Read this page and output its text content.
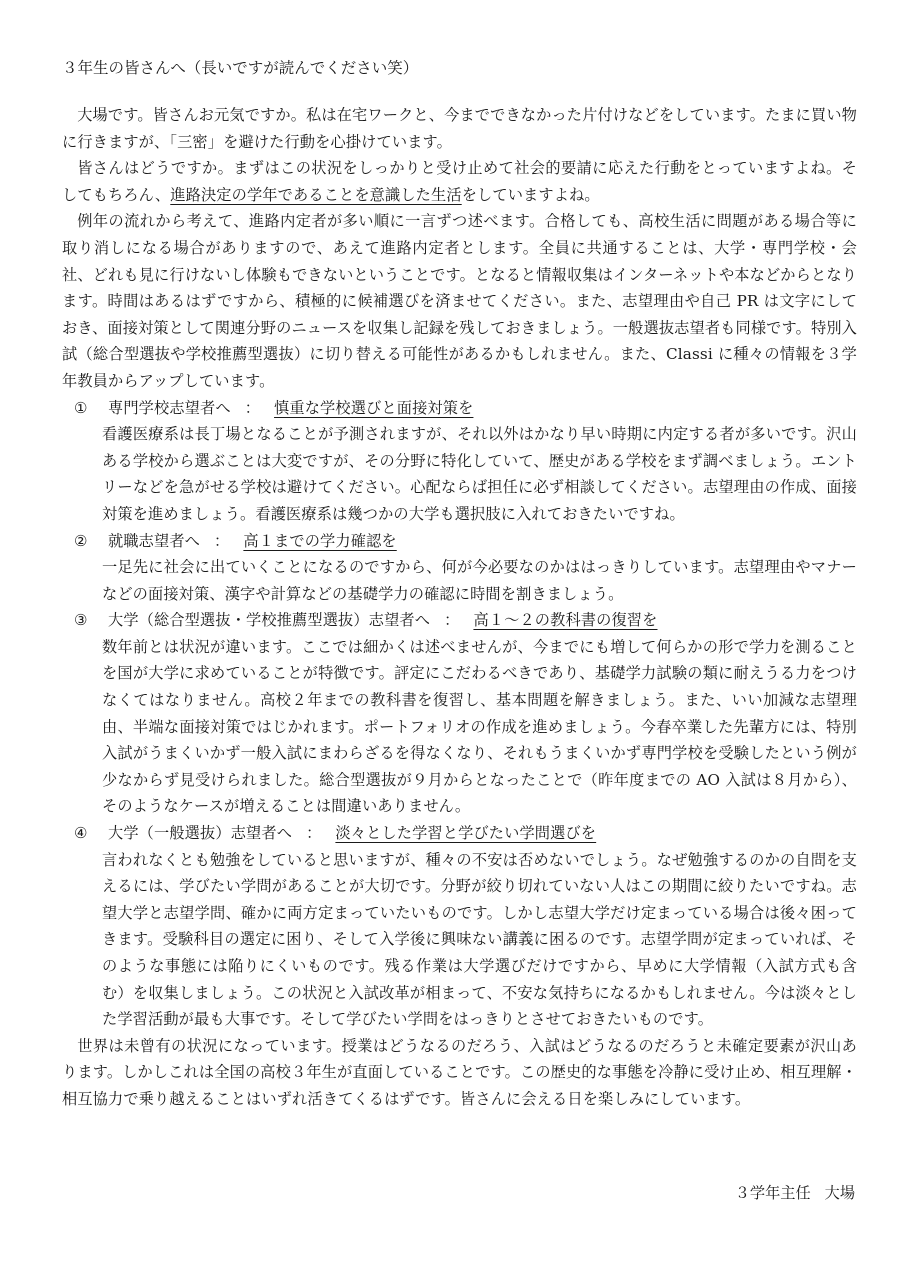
３年生の皆さんへ（長いですが読んでください笑）

大場です。皆さんお元気ですか。私は在宅ワークと、今までできなかった片付けなどをしています。たまに買い物に行きますが、「三密」を避けた行動を心掛けています。

皆さんはどうですか。まずはこの状況をしっかりと受け止めて社会的要請に応えた行動をとっていますよね。そしてもちろん、進路決定の学年であることを意識した生活をしていますよね。

例年の流れから考えて、進路内定者が多い順に一言ずつ述べます。合格しても、高校生活に問題がある場合等に取り消しになる場合がありますので、あえて進路内定者とします。全員に共通することは、大学・専門学校・会社、どれも見に行けないし体験もできないということです。となると情報収集はインターネットや本などからとなります。時間はあるはずですから、積極的に候補選びを済ませてください。また、志望理由や自己 PR は文字にしておき、面接対策として関連分野のニュースを収集し記録を残しておきましょう。一般選抜志望者も同様です。特別入試（総合型選抜や学校推薦型選抜）に切り替える可能性があるかもしれません。また、Classi に種々の情報を３学年教員からアップしています。

① 専門学校志望者へ ： 慎重な学校選びと面接対策を

看護医療系は長丁場となることが予測されますが、それ以外はかなり早い時期に内定する者が多いです。沢山ある学校から選ぶことは大変ですが、その分野に特化していて、歴史がある学校をまず調べましょう。エントリーなどを急がせる学校は避けてください。心配ならば担任に必ず相談してください。志望理由の作成、面接対策を進めましょう。看護医療系は幾つかの大学も選択肢に入れておきたいですね。

② 就職志望者へ ： 高１までの学力確認を

一足先に社会に出ていくことになるのですから、何が今必要なのかははっきりしています。志望理由やマナーなどの面接対策、漢字や計算などの基礎学力の確認に時間を割きましょう。

③ 大学（総合型選抜・学校推薦型選抜）志望者へ ： 高１～２の教科書の復習を

数年前とは状況が違います。ここでは細かくは述べませんが、今までにも増して何らかの形で学力を測ることを国が大学に求めていることが特徴です。評定にこだわるべきであり、基礎学力試験の類に耐えうる力をつけなくてはなりません。高校２年までの教科書を復習し、基本問題を解きましょう。また、いい加減な志望理由、半端な面接対策ではじかれます。ポートフォリオの作成を進めましょう。今春卒業した先輩方には、特別入試がうまくいかず一般入試にまわらざるを得なくなり、それもうまくいかず専門学校を受験したという例が少なからず見受けられました。総合型選抜が９月からとなったことで（昨年度までの AO 入試は８月から）、そのようなケースが増えることは間違いありません。

④ 大学（一般選抜）志望者へ ： 淡々とした学習と学びたい学問選びを

言われなくとも勉強をしていると思いますが、種々の不安は否めないでしょう。なぜ勉強するのかの自問を支えるには、学びたい学問があることが大切です。分野が絞り切れていない人はこの期間に絞りたいですね。志望大学と志望学問、確かに両方定まっていたいものです。しかし志望大学だけ定まっている場合は後々困ってきます。受験科目の選定に困り、そして入学後に興味ない講義に困るのです。志望学問が定まっていれば、そのような事態には陥りにくいものです。残る作業は大学選びだけですから、早めに大学情報（入試方式も含む）を収集しましょう。この状況と入試改革が相まって、不安な気持ちになるかもしれません。今は淡々とした学習活動が最も大事です。そして学びたい学問をはっきりとさせておきたいものです。

世界は未曾有の状況になっています。授業はどうなるのだろう、入試はどうなるのだろうと未確定要素が沢山あります。しかしこれは全国の高校３年生が直面していることです。この歴史的な事態を冷静に受け止め、相互理解・相互協力で乗り越えることはいずれ活きてくるはずです。皆さんに会える日を楽しみにしています。

３学年主任 大場
